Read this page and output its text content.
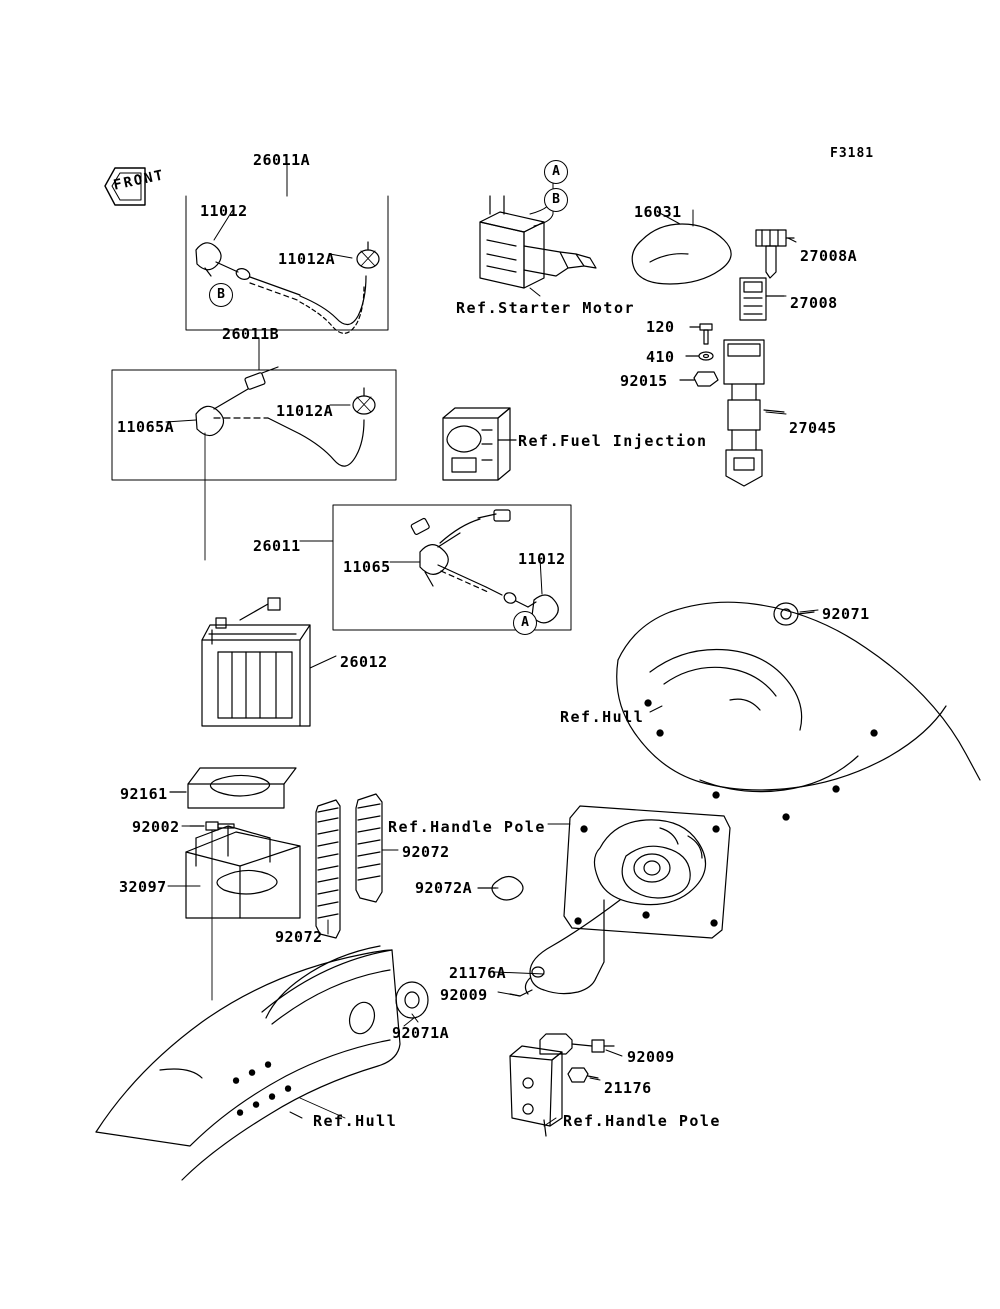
FRONT
F3181
26011A
11012
11012A
26011B
11065A
11012A
26011
11065	11012
26012
16031
27008A
27008
120
410
92015
27045
92071
92161
92002
32097
92072
92072A
92072
21176A
92009
92071A
92009
21176
Ref.Starter Motor
Ref.Fuel Injection
Ref.Hull
Ref.Handle Pole
Ref.Hull	Ref.Handle Pole
A
B
B
A
